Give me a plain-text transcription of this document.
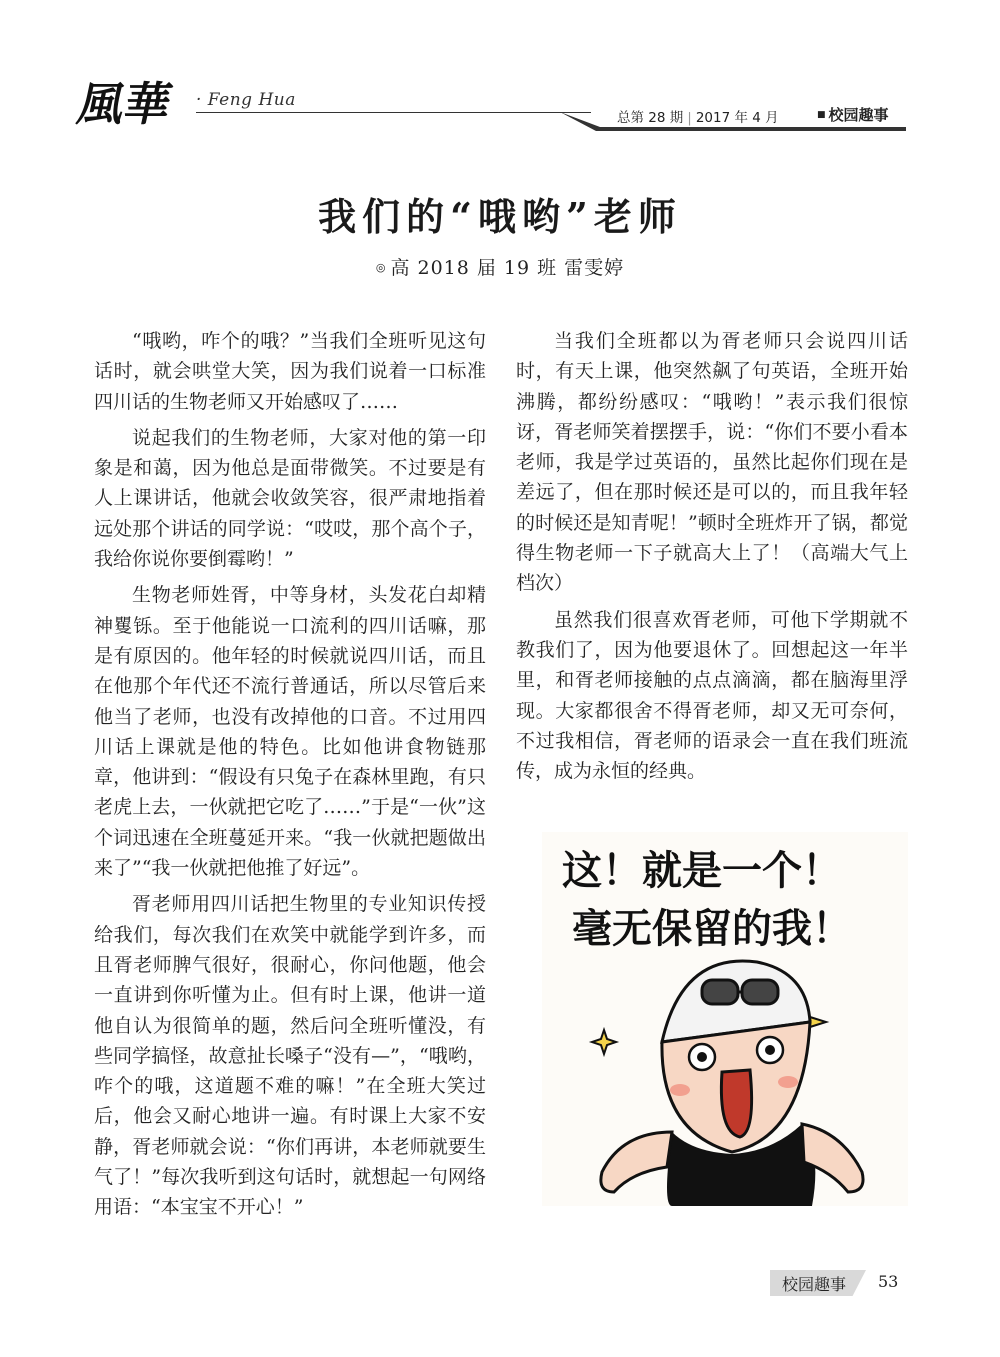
風華 · Feng Hua
总第 28 期 | 2017 年 4 月	■ 校园趣事
我们的“哦哟”老师
◎ 高 2018 届 19 班 雷雯婷

“哦哟，咋个的哦？”当我们全班听见这句话时，就会哄堂大笑，因为我们说着一口标准四川话的生物老师又开始感叹了……

说起我们的生物老师，大家对他的第一印象是和蔼，因为他总是面带微笑。不过要是有人上课讲话，他就会收敛笑容，很严肃地指着远处那个讲话的同学说：“哎哎，那个高个子，我给你说你要倒霉哟！”

生物老师姓胥，中等身材，头发花白却精神矍铄。至于他能说一口流利的四川话嘛，那是有原因的。他年轻的时候就说四川话，而且在他那个年代还不流行普通话，所以尽管后来他当了老师，也没有改掉他的口音。不过用四川话上课就是他的特色。比如他讲食物链那章，他讲到：“假设有只兔子在森林里跑，有只老虎上去，一伙就把它吃了……”于是“一伙”这个词迅速在全班蔓延开来。“我一伙就把题做出来了”“我一伙就把他推了好远”。

胥老师用四川话把生物里的专业知识传授给我们，每次我们在欢笑中就能学到许多，而且胥老师脾气很好，很耐心，你问他题，他会一直讲到你听懂为止。但有时上课，他讲一道他自认为很简单的题，然后问全班听懂没，有些同学搞怪，故意扯长嗓子“没有—”，“哦哟，咋个的哦，这道题不难的嘛！”在全班大笑过后，他会又耐心地讲一遍。有时课上大家不安静，胥老师就会说：“你们再讲，本老师就要生气了！”每次我听到这句话时，就想起一句网络用语：“本宝宝不开心！”

当我们全班都以为胥老师只会说四川话时，有天上课，他突然飙了句英语，全班开始沸腾，都纷纷感叹：“哦哟！”表示我们很惊讶，胥老师笑着摆摆手，说：“你们不要小看本老师，我是学过英语的，虽然比起你们现在是差远了，但在那时候还是可以的，而且我年轻的时候还是知青呢！”顿时全班炸开了锅，都觉得生物老师一下子就高大上了！（高端大气上档次）

虽然我们很喜欢胥老师，可他下学期就不教我们了，因为他要退休了。回想起这一年半里，和胥老师接触的点点滴滴，都在脑海里浮现。大家都很舍不得胥老师，却又无可奈何，不过我相信，胥老师的语录会一直在我们班流传，成为永恒的经典。

这！就是一个！
毫无保留的我！
校园趣事 53
